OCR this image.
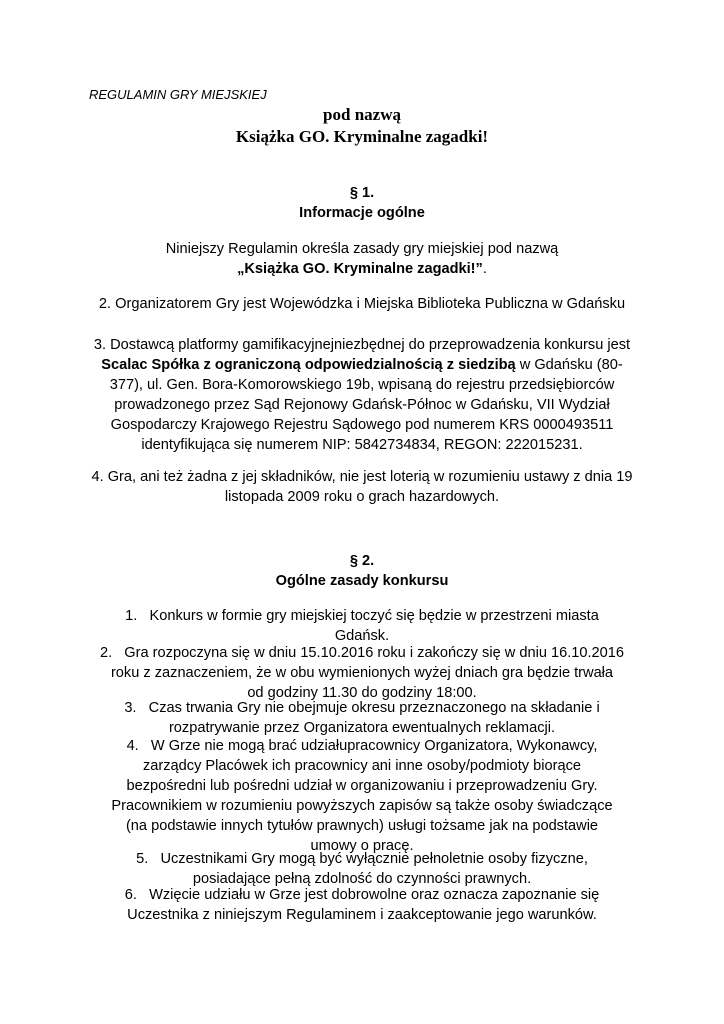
REGULAMIN GRY MIEJSKIEJ
pod nazwą
Książka GO. Kryminalne zagadki!
§ 1.
Informacje ogólne
Niniejszy Regulamin określa zasady gry miejskiej pod nazwą
„Książka GO. Kryminalne zagadki!”.
2. Organizatorem Gry jest Wojewódzka i Miejska Biblioteka Publiczna w Gdańsku
3. Dostawcą platformy gamifikacyjnejniezbędnej do przeprowadzenia konkursu jest
Scalac Spółka z ograniczoną odpowiedzialnością z siedzibą w Gdańsku (80-
377), ul. Gen. Bora-Komorowskiego 19b, wpisaną do rejestru przedsiębiorców
prowadzonego przez Sąd Rejonowy Gdańsk-Północ w Gdańsku, VII Wydział
Gospodarczy Krajowego Rejestru Sądowego pod numerem KRS 0000493511
identyfikująca się numerem NIP: 5842734834, REGON: 222015231.
4. Gra, ani też żadna z jej składników, nie jest loterią w rozumieniu ustawy z dnia 19
listopada 2009 roku o grach hazardowych.
§ 2.
Ogólne zasady konkursu
1. Konkurs w formie gry miejskiej toczyć się będzie w przestrzeni miasta
Gdańsk.
2. Gra rozpoczyna się w dniu 15.10.2016 roku i zakończy się w dniu 16.10.2016
roku z zaznaczeniem, że w obu wymienionych wyżej dniach gra będzie trwała
od godziny 11.30 do godziny 18:00.
3. Czas trwania Gry nie obejmuje okresu przeznaczonego na składanie i
rozpatrywanie przez Organizatora ewentualnych reklamacji.
4. W Grze nie mogą brać udziałupracownicy Organizatora, Wykonawcy,
zarządcy Placówek ich pracownicy ani inne osoby/podmioty biorące
bezpośredni lub pośredni udział w organizowaniu i przeprowadzeniu Gry.
Pracownikiem w rozumieniu powyższych zapisów są także osoby świadczące
(na podstawie innych tytułów prawnych) usługi tożsame jak na podstawie
umowy o pracę.
5. Uczestnikami Gry mogą być wyłącznie pełnoletnie osoby fizyczne,
posiadające pełną zdolność do czynności prawnych.
6. Wzięcie udziału w Grze jest dobrowolne oraz oznacza zapoznanie się
Uczestnika z niniejszym Regulaminem i zaakceptowanie jego warunków.
